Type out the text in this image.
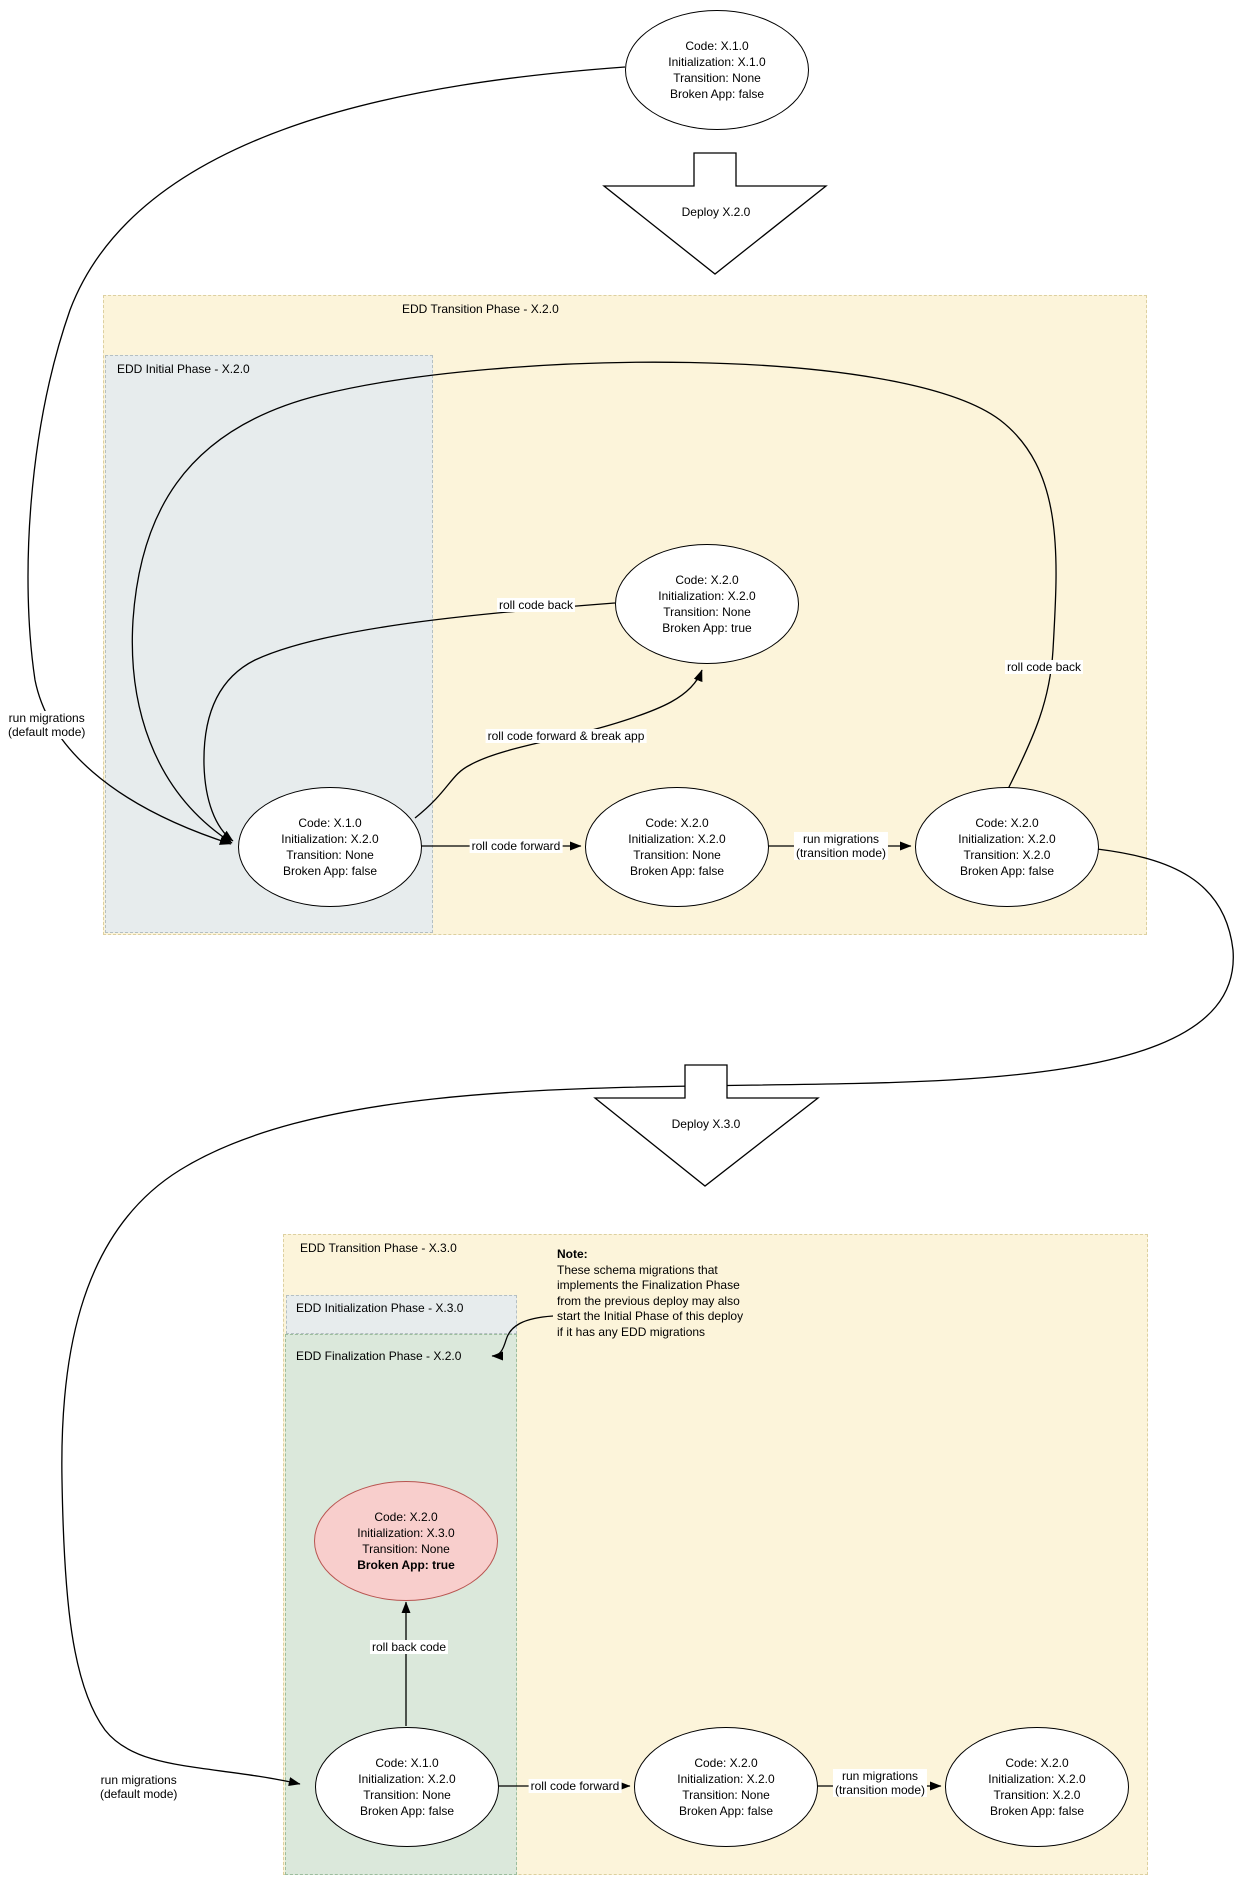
EDD Transition Phase - X.2.0
EDD Initial Phase - X.2.0
EDD Transition Phase - X.3.0
EDD Initialization Phase - X.3.0
EDD Finalization Phase - X.2.0
Deploy X.2.0
Deploy X.3.0
Code: X.1.0
Initialization: X.1.0
Transition: None
Broken App: false
Code: X.2.0
Initialization: X.2.0
Transition: None
Broken App: true
Code: X.1.0
Initialization: X.2.0
Transition: None
Broken App: false
Code: X.2.0
Initialization: X.2.0
Transition: None
Broken App: false
Code: X.2.0
Initialization: X.2.0
Transition: X.2.0
Broken App: false
Code: X.2.0
Initialization: X.3.0
Transition: None
Broken App: true
Code: X.1.0
Initialization: X.2.0
Transition: None
Broken App: false
Code: X.2.0
Initialization: X.2.0
Transition: None
Broken App: false
Code: X.2.0
Initialization: X.2.0
Transition: X.2.0
Broken App: false
run migrations
(default mode)
roll code back
roll code back
roll code forward & break app
roll code forward	run migrations
(transition mode)
run migrations
(default mode)
roll back code
roll code forward
run migrations
(transition mode)
Note:
These schema migrations that
implements the Finalization Phase
from the previous deploy may also
start the Initial Phase of this deploy
if it has any EDD migrations
